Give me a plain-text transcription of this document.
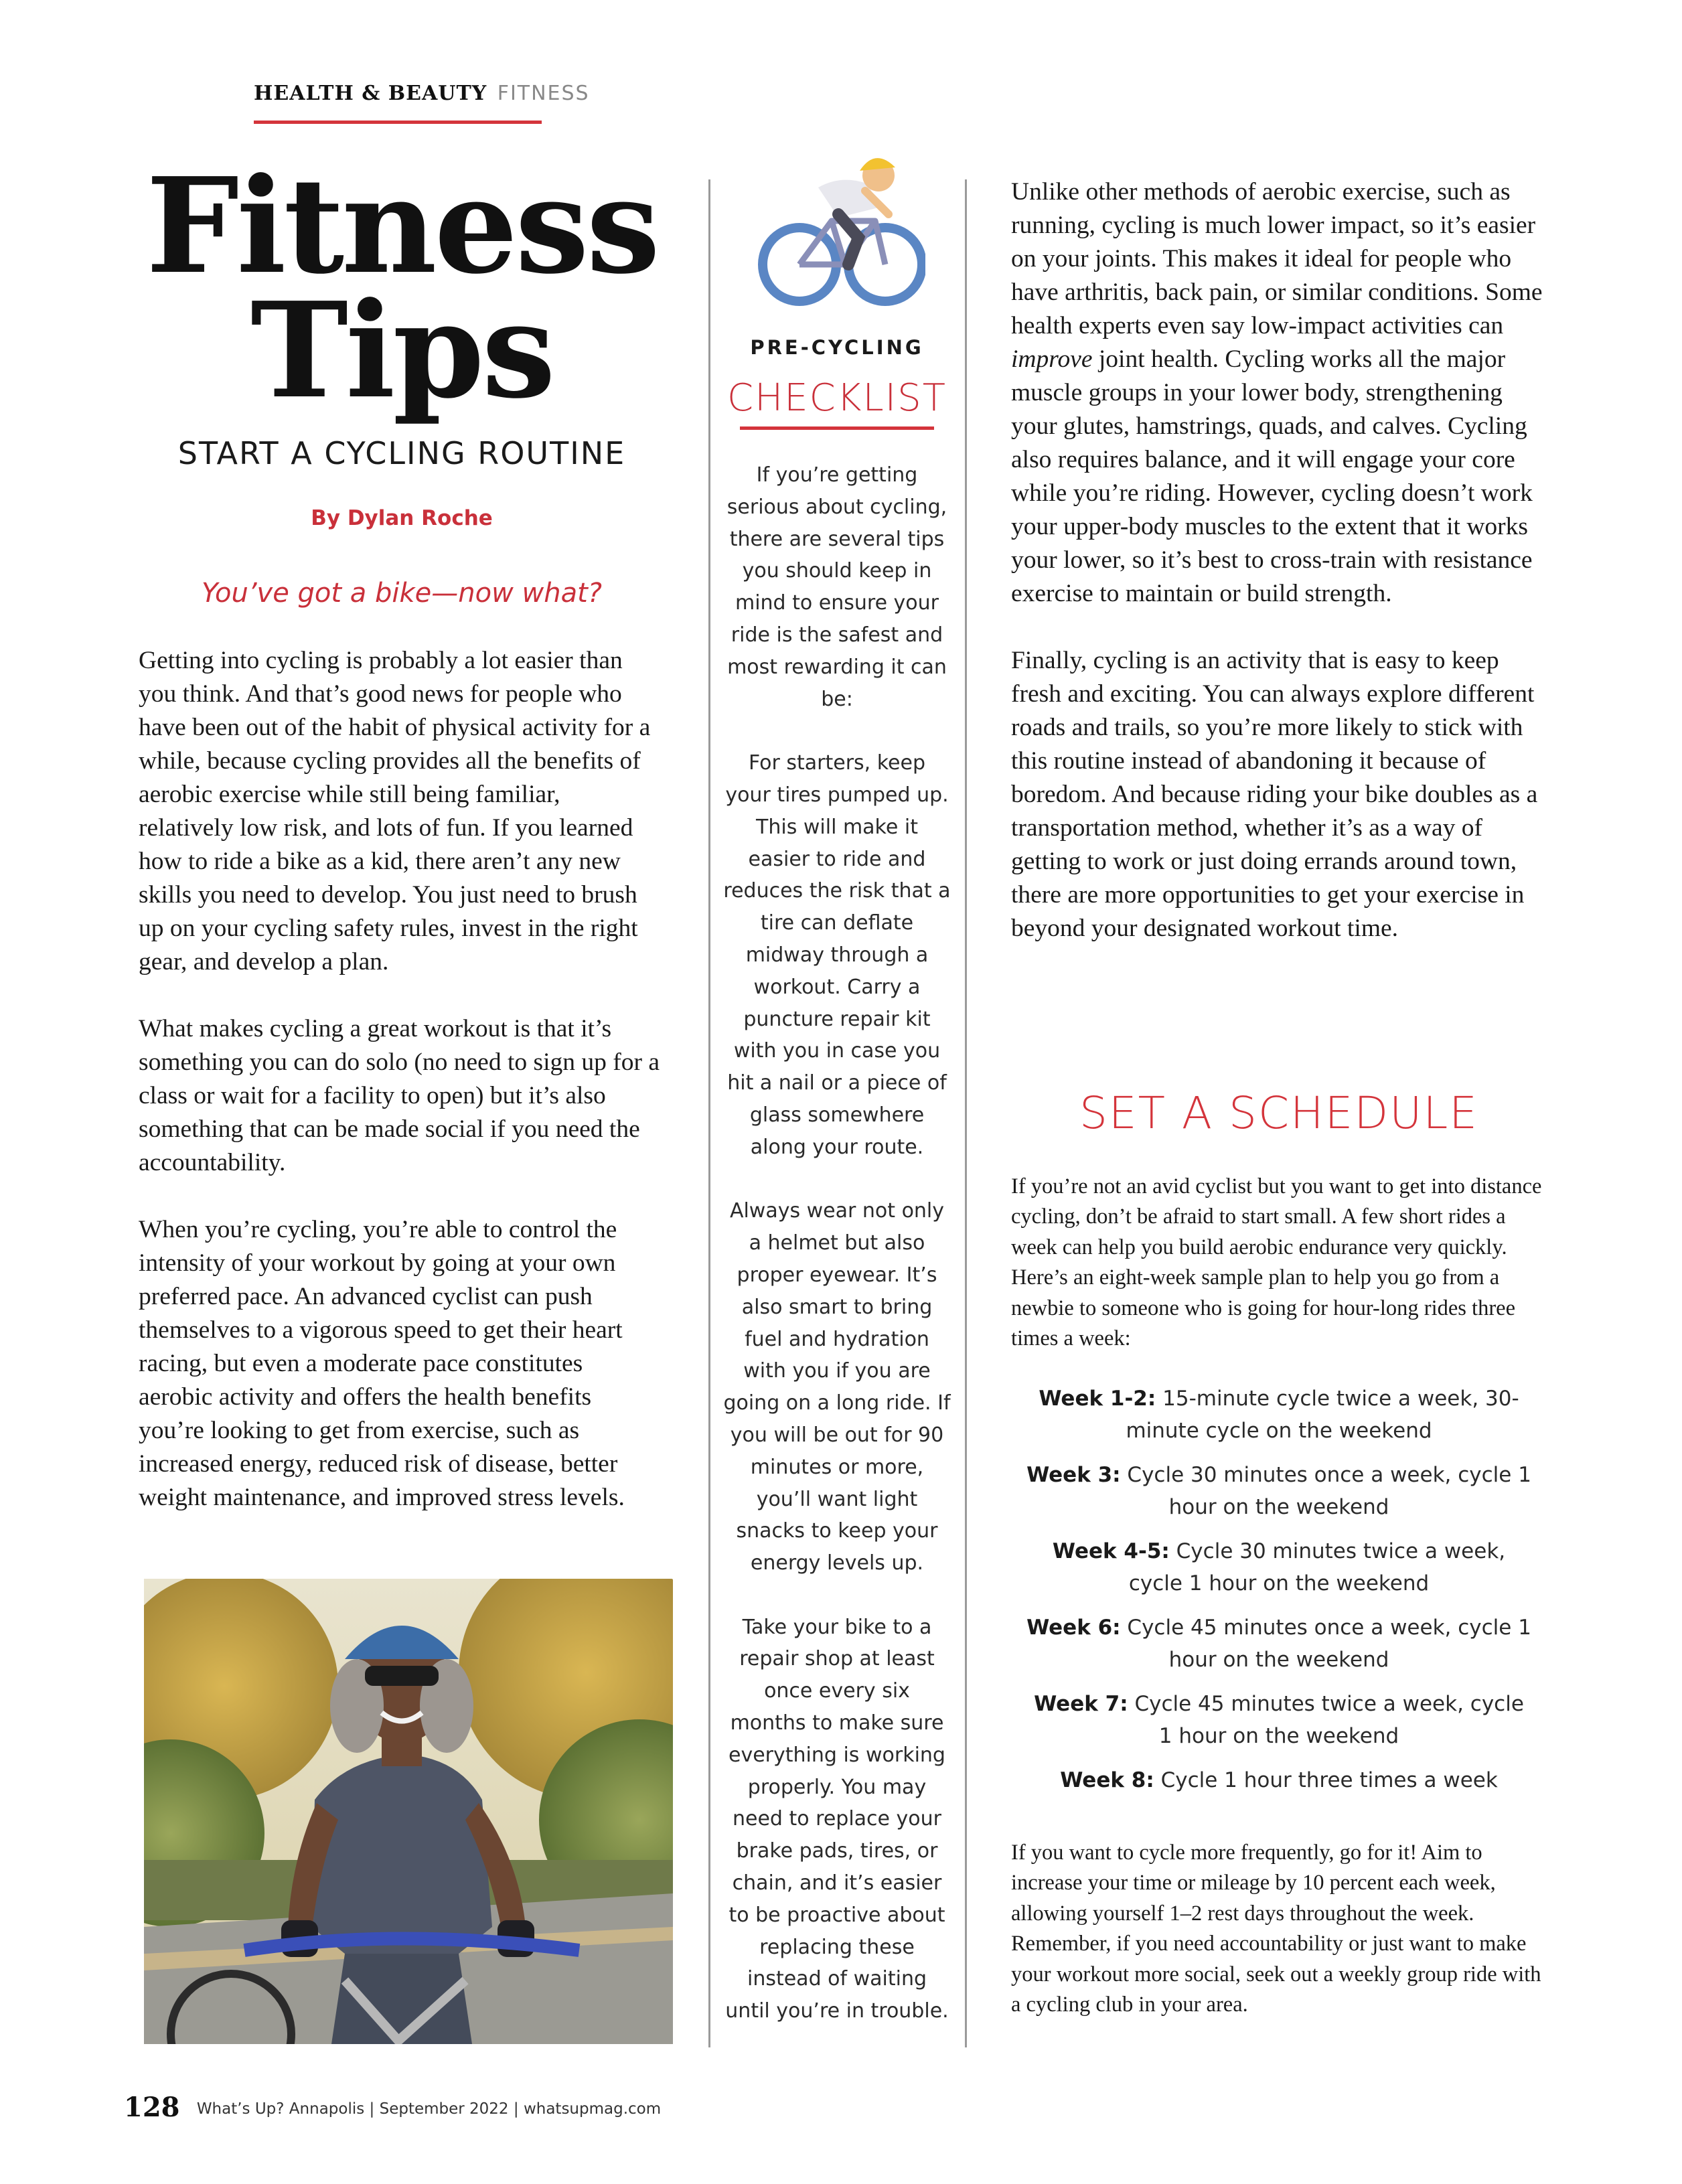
HEALTH & BEAUTY FITNESS
Fitness
Tips
START A CYCLING ROUTINE
By Dylan Roche
You’ve got a bike—now what?

Getting into cycling is probably a lot easier than you think. And that’s good news for people who have been out of the habit of physical activity for a while, because cycling provides all the benefits of aerobic exercise while still being familiar, relatively low risk, and lots of fun. If you learned how to ride a bike as a kid, there aren’t any new skills you need to develop. You just need to brush up on your cycling safety rules, invest in the right gear, and develop a plan.

What makes cycling a great workout is that it’s something you can do solo (no need to sign up for a class or wait for a facility to open) but it’s also something that can be made social if you need the accountability.

When you’re cycling, you’re able to control the intensity of your workout by going at your own preferred pace. An advanced cyclist can push themselves to a vigorous speed to get their heart racing, but even a moderate pace constitutes aerobic activity and offers the health benefits you’re looking to get from exercise, such as increased energy, reduced risk of disease, better weight maintenance, and improved stress levels.

PRE-CYCLING
CHECKLIST

If you’re getting serious about cycling, there are several tips you should keep in mind to ensure your ride is the safest and most rewarding it can be:

For starters, keep your tires pumped up. This will make it easier to ride and reduces the risk that a tire can deflate midway through a workout. Carry a puncture repair kit with you in case you hit a nail or a piece of glass somewhere along your route.

Always wear not only a helmet but also proper eyewear. It’s also smart to bring fuel and hydration with you if you are going on a long ride. If you will be out for 90 minutes or more, you’ll want light snacks to keep your energy levels up.

Take your bike to a repair shop at least once every six months to make sure everything is working properly. You may need to replace your brake pads, tires, or chain, and it’s easier to be proactive about replacing these instead of waiting until you’re in trouble.

Unlike other methods of aerobic exercise, such as running, cycling is much lower impact, so it’s easier on your joints. This makes it ideal for people who have arthritis, back pain, or similar conditions. Some health experts even say low-impact activities can improve joint health. Cycling works all the major muscle groups in your lower body, strengthening your glutes, hamstrings, quads, and calves. Cycling also requires balance, and it will engage your core while you’re riding. However, cycling doesn’t work your upper-body muscles to the extent that it works your lower, so it’s best to cross-train with resistance exercise to maintain or build strength.

Finally, cycling is an activity that is easy to keep fresh and exciting. You can always explore different roads and trails, so you’re more likely to stick with this routine instead of abandoning it because of boredom. And because riding your bike doubles as a transportation method, whether it’s as a way of getting to work or just doing errands around town, there are more opportunities to get your exercise in beyond your designated workout time.

SET A SCHEDULE
If you’re not an avid cyclist but you want to get into distance cycling, don’t be afraid to start small. A few short rides a week can help you build aerobic endurance very quickly. Here’s an eight-week sample plan to help you go from a newbie to someone who is going for hour-long rides three times a week:
Week 1-2: 15-minute cycle twice a week, 30-minute cycle on the weekend
Week 3: Cycle 30 minutes once a week, cycle 1 hour on the weekend
Week 4-5: Cycle 30 minutes twice a week, cycle 1 hour on the weekend
Week 6: Cycle 45 minutes once a week, cycle 1 hour on the weekend
Week 7: Cycle 45 minutes twice a week, cycle 1 hour on the weekend
Week 8: Cycle 1 hour three times a week
If you want to cycle more frequently, go for it! Aim to increase your time or mileage by 10 percent each week, allowing yourself 1–2 rest days throughout the week. Remember, if you need accountability or just want to make your workout more social, seek out a weekly group ride with a cycling club in your area.
128 What’s Up? Annapolis | September 2022 | whatsupmag.com
